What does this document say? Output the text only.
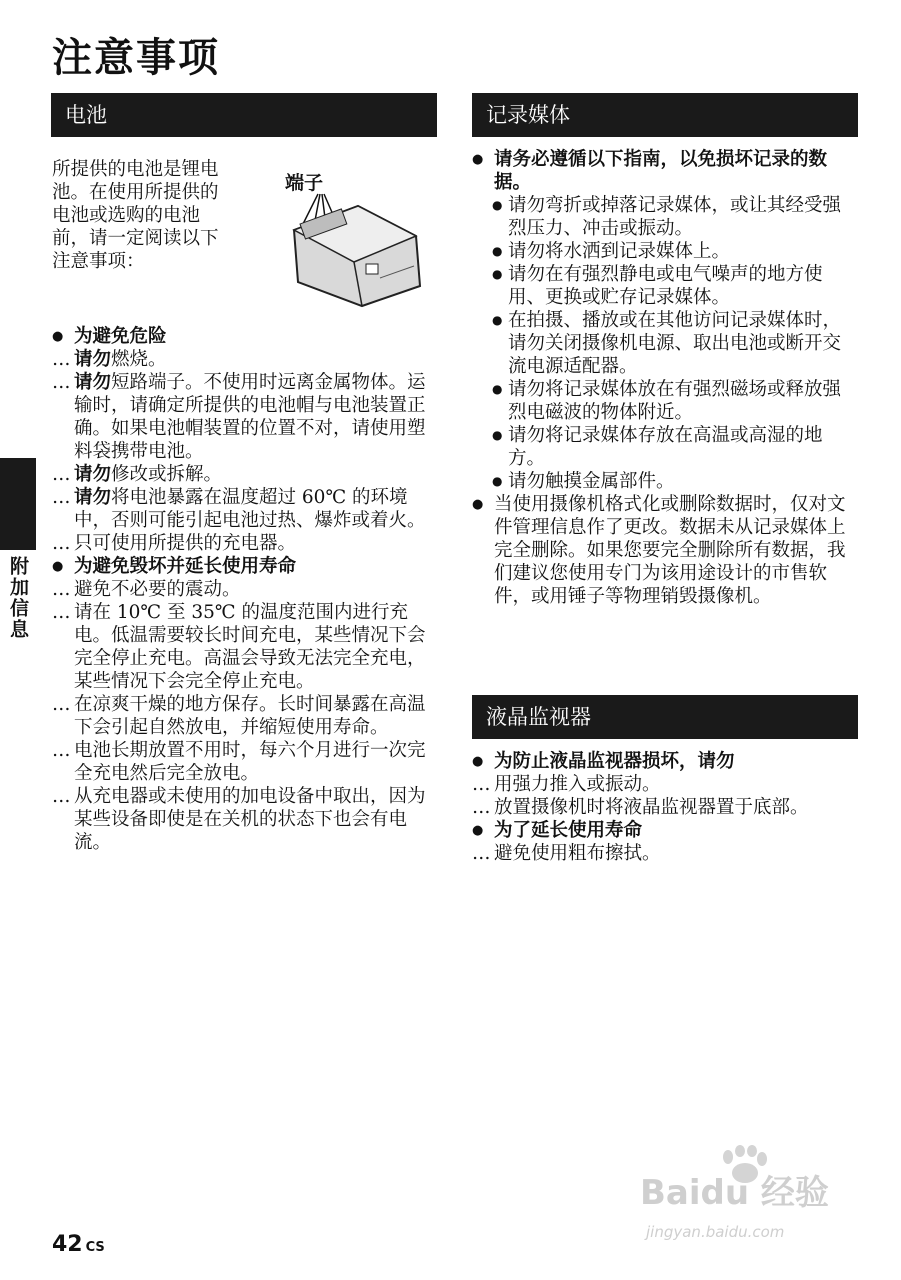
注意事项
电池

所提供的电池是锂电

池。在使用所提供的

电池或选购的电池

前，请一定阅读以下

注意事项：

端子

● 为避免危险

… 请勿燃烧。

… 请勿短路端子。不使用时远离金属物体。运输时，请确定所提供的电池帽与电池装置正确。如果电池帽装置的位置不对，请使用塑料袋携带电池。

… 请勿修改或拆解。

… 请勿将电池暴露在温度超过 60℃ 的环境中，否则可能引起电池过热、爆炸或着火。

… 只可使用所提供的充电器。

● 为避免毁坏并延长使用寿命

… 避免不必要的震动。

… 请在 10℃ 至 35℃ 的温度范围内进行充电。低温需要较长时间充电，某些情况下会完全停止充电。高温会导致无法完全充电，某些情况下会完全停止充电。

… 在凉爽干燥的地方保存。长时间暴露在高温下会引起自然放电，并缩短使用寿命。

… 电池长期放置不用时，每六个月进行一次完全充电然后完全放电。

… 从充电器或未使用的加电设备中取出，因为某些设备即使是在关机的状态下也会有电流。

记录媒体

● 请务必遵循以下指南，以免损坏记录的数据。

● 请勿弯折或掉落记录媒体，或让其经受强烈压力、冲击或振动。

● 请勿将水洒到记录媒体上。

● 请勿在有强烈静电或电气噪声的地方使用、更换或贮存记录媒体。

● 在拍摄、播放或在其他访问记录媒体时，请勿关闭摄像机电源、取出电池或断开交流电源适配器。

● 请勿将记录媒体放在有强烈磁场或释放强烈电磁波的物体附近。

● 请勿将记录媒体存放在高温或高湿的地方。

● 请勿触摸金属部件。

● 当使用摄像机格式化或删除数据时，仅对文件管理信息作了更改。数据未从记录媒体上完全删除。如果您要完全删除所有数据，我们建议您使用专门为该用途设计的市售软件，或用锤子等物理销毁摄像机。

液晶监视器

● 为防止液晶监视器损坏，请勿

… 用强力推入或振动。

… 放置摄像机时将液晶监视器置于底部。

● 为了延长使用寿命

… 避免使用粗布擦拭。

附加信息
42 CS
Baidu 经验
jingyan.baidu.com
